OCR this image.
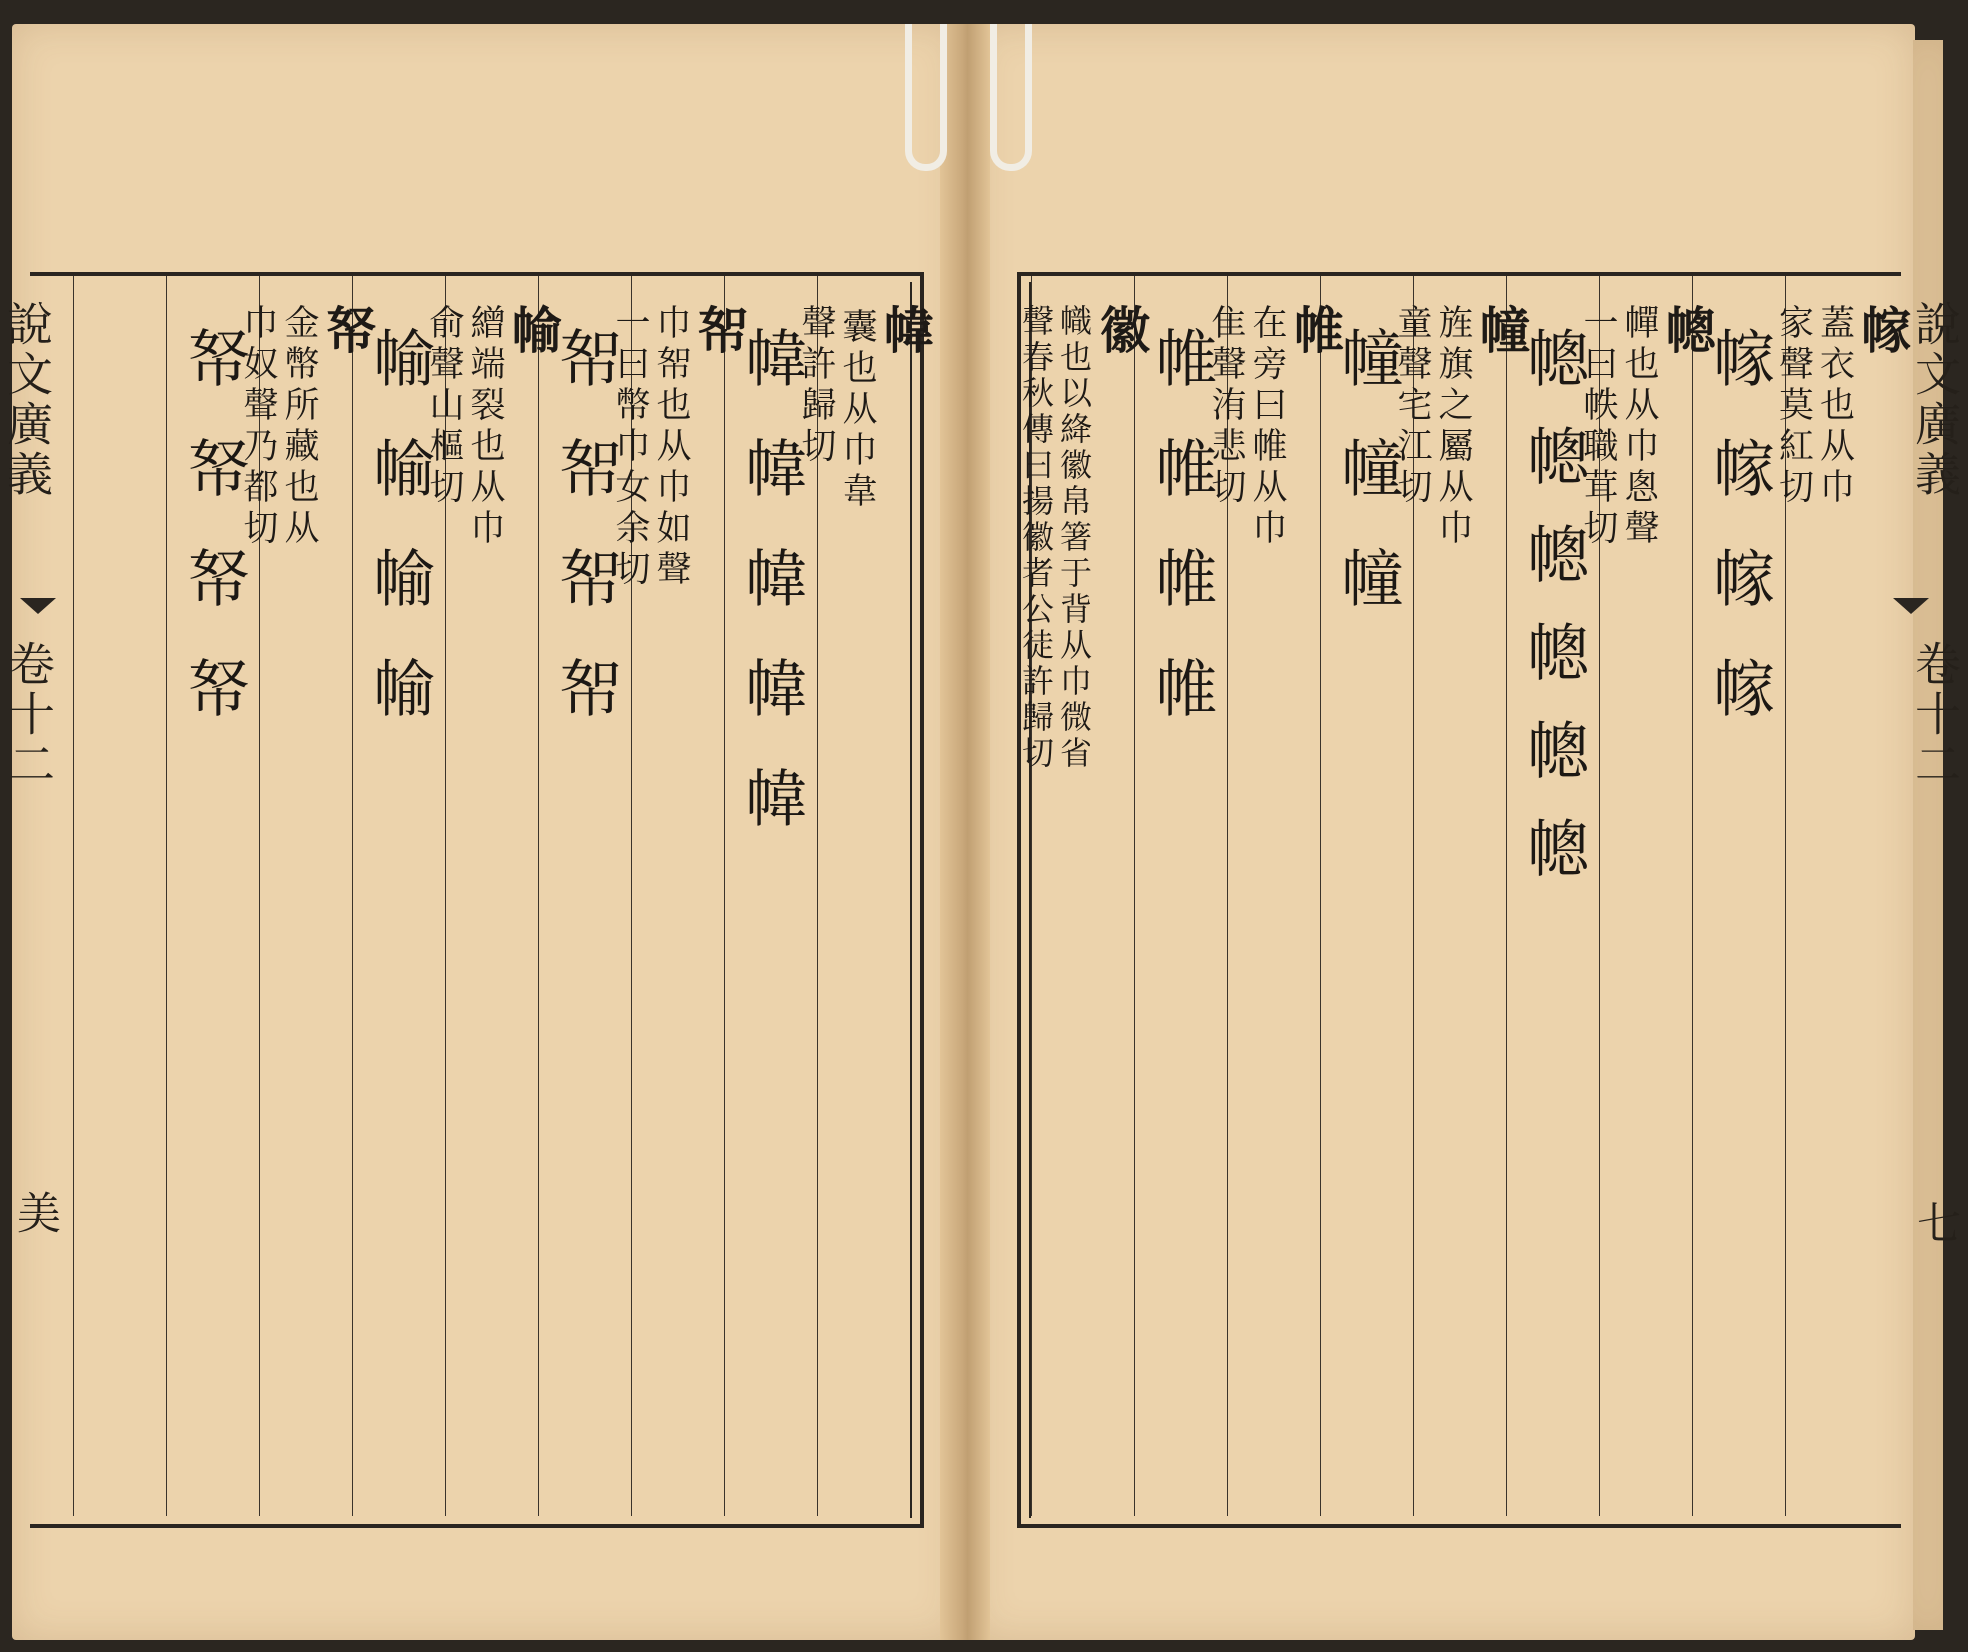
說文廣義
卷十二
美
幃
囊也从巾韋
聲許歸切
幃幃幃幃幃
帤
巾帤也从巾如聲
一曰幣巾女余切
帤帤帤帤
㡏
繒端裂也从巾
俞聲山樞切
㡏㡏㡏㡏
帑
金幣所藏也从
巾奴聲乃都切
帑帑帑帑	說文廣義
卷十二
七
幏
蓋衣也从巾
家聲莫紅切
幏幏幏幏
幒
幝也从巾悤聲
一曰帙職茸切
幒幒幒幒幒幒
幢
旌旗之屬从巾
童聲宅江切
幢幢幢
帷
在旁曰帷从巾
隹聲洧悲切
帷帷帷帷
徽
幟也以絳徽帛箸于背从巾微省
聲春秋傳曰揚徽者公徒許歸切
